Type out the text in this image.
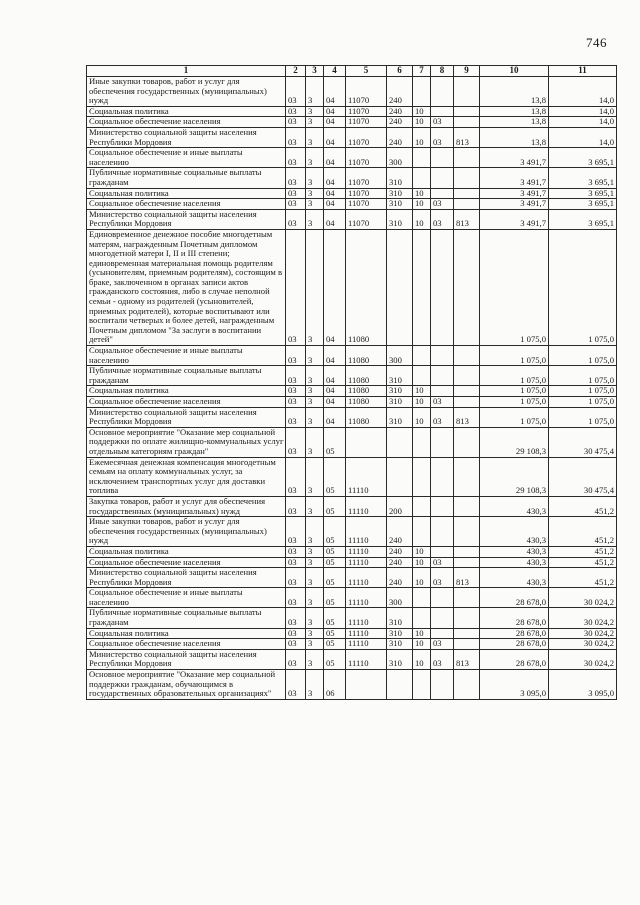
746
1	2	3	4	5	6	7	8	9	10	11
Иные закупки товаров, работ и услуг для обеспечения государственных (муниципальных) нужд	03	3	04	11070	240				13,8	14,0
Социальная политика	03	3	04	11070	240	10			13,8	14,0
Социальное обеспечение населения	03	3	04	11070	240	10	03		13,8	14,0
Министерство социальной защиты населения Республики Мордовия	03	3	04	11070	240	10	03	813	13,8	14,0
Социальное обеспечение и иные выплаты населению	03	3	04	11070	300				3 491,7	3 695,1
Публичные нормативные социальные выплаты гражданам	03	3	04	11070	310				3 491,7	3 695,1
Социальная политика	03	3	04	11070	310	10			3 491,7	3 695,1
Социальное обеспечение населения	03	3	04	11070	310	10	03		3 491,7	3 695,1
Министерство социальной защиты населения Республики Мордовия	03	3	04	11070	310	10	03	813	3 491,7	3 695,1
Единовременное денежное пособие многодетным матерям, награжденным Почетным дипломом многодетной матери I, II и III степени; единовременная материальная помощь родителям (усыновителям, приемным родителям), состоящим в браке, заключенном в органах записи актов гражданского состояния, либо в случае неполной семьи - одному из родителей (усыновителей, приемных родителей), которые воспитывают или воспитали четверых и более детей, награжденным Почетным дипломом "За заслуги в воспитании детей"	03	3	04	11080					1 075,0	1 075,0
Социальное обеспечение и иные выплаты населению	03	3	04	11080	300				1 075,0	1 075,0
Публичные нормативные социальные выплаты гражданам	03	3	04	11080	310				1 075,0	1 075,0
Социальная политика	03	3	04	11080	310	10			1 075,0	1 075,0
Социальное обеспечение населения	03	3	04	11080	310	10	03		1 075,0	1 075,0
Министерство социальной защиты населения Республики Мордовия	03	3	04	11080	310	10	03	813	1 075,0	1 075,0
Основное мероприятие "Оказание мер социальной поддержки по оплате жилищно-коммунальных услуг отдельным категориям граждан"	03	3	05						29 108,3	30 475,4
Ежемесячная денежная компенсация многодетным семьям на оплату коммунальных услуг, за исключением транспортных услуг для доставки топлива	03	3	05	11110					29 108,3	30 475,4
Закупка товаров, работ и услуг для обеспечения государственных (муниципальных) нужд	03	3	05	11110	200				430,3	451,2
Иные закупки товаров, работ и услуг для обеспечения государственных (муниципальных) нужд	03	3	05	11110	240				430,3	451,2
Социальная политика	03	3	05	11110	240	10			430,3	451,2
Социальное обеспечение населения	03	3	05	11110	240	10	03		430,3	451,2
Министерство социальной защиты населения Республики Мордовия	03	3	05	11110	240	10	03	813	430,3	451,2
Социальное обеспечение и иные выплаты населению	03	3	05	11110	300				28 678,0	30 024,2
Публичные нормативные социальные выплаты гражданам	03	3	05	11110	310				28 678,0	30 024,2
Социальная политика	03	3	05	11110	310	10			28 678,0	30 024,2
Социальное обеспечение населения	03	3	05	11110	310	10	03		28 678,0	30 024,2
Министерство социальной защиты населения Республики Мордовия	03	3	05	11110	310	10	03	813	28 678,0	30 024,2
Основное мероприятие "Оказание мер социальной поддержки гражданам, обучающимся в государственных образовательных организациях"	03	3	06						3 095,0	3 095,0
